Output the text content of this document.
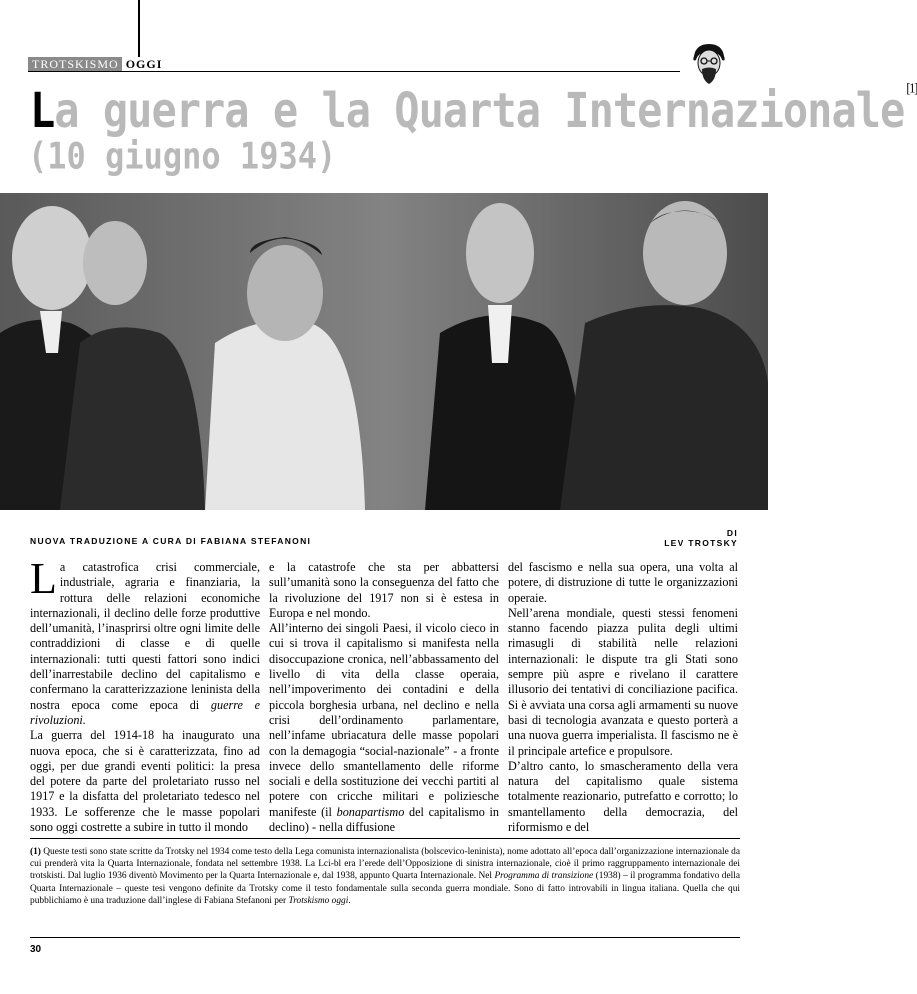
TROTSKISMO OGGI
La guerra e la Quarta Internazionale [1]
(10 giugno 1934)
NUOVA TRADUZIONE A CURA DI FABIANA STEFANONI
DI
LEV TROTSKY

La catastrofica crisi commerciale, industriale, agraria e finanziaria, la rottura delle relazioni economiche internazionali, il declino delle forze produttive dell’umanità, l’inasprirsi oltre ogni limite delle contraddizioni di classe e di quelle internazionali: tutti questi fattori sono indici dell’inarrestabile declino del capitalismo e confermano la caratterizzazione leninista della nostra epoca come epoca di guerre e rivoluzioni.

La guerra del 1914-18 ha inaugurato una nuova epoca, che si è caratterizzata, fino ad oggi, per due grandi eventi politici: la presa del potere da parte del proletariato russo nel 1917 e la disfatta del proletariato tedesco nel 1933. Le sofferenze che le masse popolari sono oggi costrette a subire in tutto il mondo

e la catastrofe che sta per abbattersi sull’umanità sono la conseguenza del fatto che la rivoluzione del 1917 non si è estesa in Europa e nel mondo.

All’interno dei singoli Paesi, il vicolo cieco in cui si trova il capitalismo si manifesta nella disoccupazione cronica, nell’abbassamento del livello di vita della classe operaia, nell’impoverimento dei contadini e della piccola borghesia urbana, nel declino e nella crisi dell’ordinamento parlamentare, nell’infame ubriacatura delle masse popolari con la demagogia “social-nazionale” - a fronte invece dello smantellamento delle riforme sociali e della sostituzione dei vecchi partiti al potere con cricche militari e poliziesche manifeste (il bonapartismo del capitalismo in declino) - nella diffusione

del fascismo e nella sua opera, una volta al potere, di distruzione di tutte le organizzazioni operaie.

Nell’arena mondiale, questi stessi fenomeni stanno facendo piazza pulita degli ultimi rimasugli di stabilità nelle relazioni internazionali: le dispute tra gli Stati sono sempre più aspre e rivelano il carattere illusorio dei tentativi di conciliazione pacifica. Si è avviata una corsa agli armamenti su nuove basi di tecnologia avanzata e questo porterà a una nuova guerra imperialista. Il fascismo ne è il principale artefice e propulsore.

D’altro canto, lo smascheramento della vera natura del capitalismo quale sistema totalmente reazionario, putrefatto e corrotto; lo smantellamento della democrazia, del riformismo e del

(1) Queste testi sono state scritte da Trotsky nel 1934 come testo della Lega comunista internazionalista (bolscevico-leninista), nome adottato all’epoca dall’organizzazione internazionale da cui prenderà vita la Quarta Internazionale, fondata nel settembre 1938. La Lci-bl era l’erede dell’Opposizione di sinistra internazionale, cioè il primo raggruppamento internazionale dei trotskisti. Dal luglio 1936 diventò Movimento per la Quarta Internazionale e, dal 1938, appunto Quarta Internazionale. Nel Programma di transizione (1938) – il programma fondativo della Quarta Internazionale – queste tesi vengono definite da Trotsky come il testo fondamentale sulla seconda guerra mondiale. Sono di fatto introvabili in lingua italiana. Quella che qui pubblichiamo è una traduzione dall’inglese di Fabiana Stefanoni per Trotskismo oggi.
30
